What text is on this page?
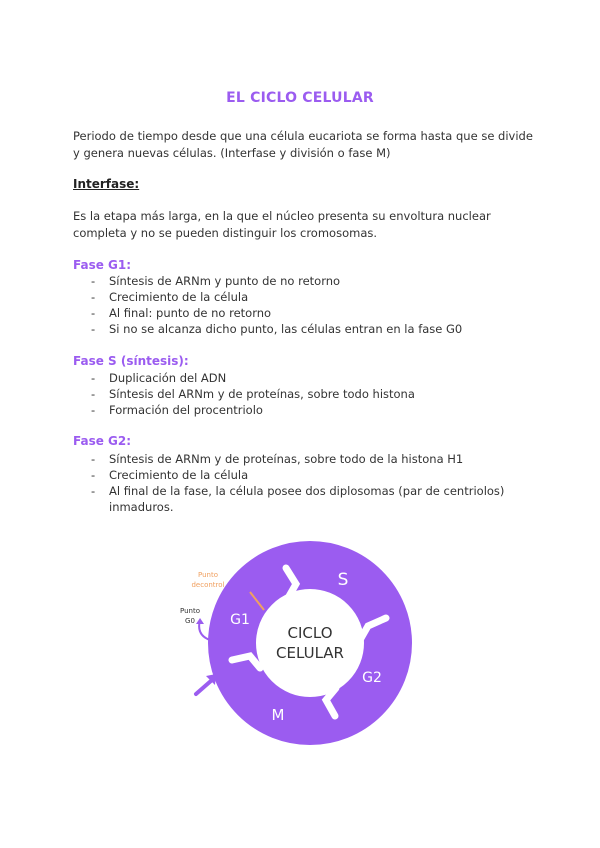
EL CICLO CELULAR
Periodo de tiempo desde que una célula eucariota se forma hasta que se divide y genera nuevas células. (Interfase y división o fase M)
Interfase:
Es la etapa más larga, en la que el núcleo presenta su envoltura nuclear completa y no se pueden distinguir los cromosomas.
Fase G1:
- Síntesis de ARNm y punto de no retorno
- Crecimiento de la célula
- Al final: punto de no retorno
- Si no se alcanza dicho punto, las células entran en la fase G0
Fase S (síntesis):
- Duplicación del ADN
- Síntesis del ARNm y de proteínas, sobre todo histona
- Formación del procentriolo
Fase G2:
- Síntesis de ARNm y de proteínas, sobre todo de la histona H1
- Crecimiento de la célula
- Al final de la fase, la célula posee dos diplosomas (par de centriolos) inmaduros.
CICLO
CELULAR
S
G2
M
G1
Punto
decontrol
Punto
G0
